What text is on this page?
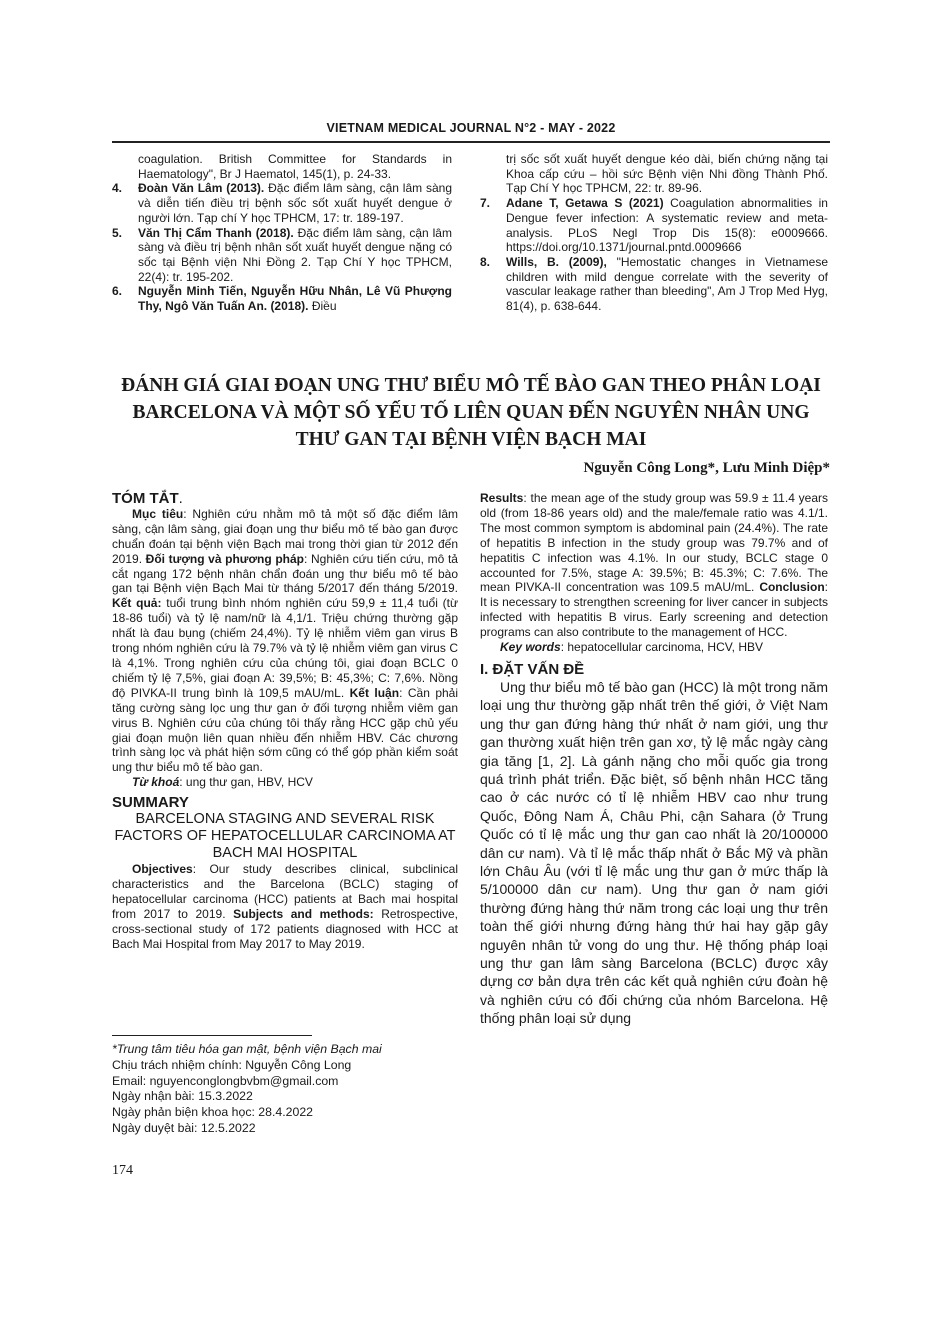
VIETNAM MEDICAL JOURNAL N°2 - MAY - 2022

coagulation. British Committee for Standards in Haematology", Br J Haematol, 145(1), p. 24-33.

4. Đoàn Văn Lâm (2013). Đặc điểm lâm sàng, cận lâm sàng và diễn tiến điều trị bệnh sốc sốt xuất huyết dengue ở người lớn. Tạp chí Y học TPHCM, 17: tr. 189-197.

5. Văn Thị Cẩm Thanh (2018). Đặc điểm lâm sàng, cận lâm sàng và điều trị bệnh nhân sốt xuất huyết dengue nặng có sốc tại Bệnh viện Nhi Đồng 2. Tạp Chí Y học TPHCM, 22(4): tr. 195-202.

6. Nguyễn Minh Tiến, Nguyễn Hữu Nhân, Lê Vũ Phượng Thy, Ngô Văn Tuấn An. (2018). Điều

trị sốc sốt xuất huyết dengue kéo dài, biến chứng nặng tại Khoa cấp cứu – hồi sức Bệnh viện Nhi đồng Thành Phố. Tạp Chí Y học TPHCM, 22: tr. 89-96.

7. Adane T, Getawa S (2021) Coagulation abnormalities in Dengue fever infection: A systematic review and meta-analysis. PLoS Negl Trop Dis 15(8): e0009666. https://doi.org/10.1371/journal.pntd.0009666

8. Wills, B. (2009), "Hemostatic changes in Vietnamese children with mild dengue correlate with the severity of vascular leakage rather than bleeding", Am J Trop Med Hyg, 81(4), p. 638-644.

ĐÁNH GIÁ GIAI ĐOẠN UNG THƯ BIỂU MÔ TẾ BÀO GAN THEO PHÂN LOẠI BARCELONA VÀ MỘT SỐ YẾU TỐ LIÊN QUAN ĐẾN NGUYÊN NHÂN UNG THƯ GAN TẠI BỆNH VIỆN BẠCH MAI
Nguyễn Công Long*, Lưu Minh Diệp*

TÓM TẮT.

Mục tiêu: Nghiên cứu nhằm mô tả một số đặc điểm lâm sàng, cận lâm sàng, giai đoạn ung thư biểu mô tế bào gan được chuẩn đoán tại bệnh viện Bạch mai trong thời gian từ 2012 đến 2019. Đối tượng và phương pháp: Nghiên cứu tiến cứu, mô tả cắt ngang 172 bệnh nhân chẩn đoán ung thư biểu mô tế bào gan tại Bệnh viện Bạch Mai từ tháng 5/2017 đến tháng 5/2019. Kết quả: tuổi trung bình nhóm nghiên cứu 59,9 ± 11,4 tuổi (từ 18-86 tuổi) và tỷ lệ nam/nữ là 4,1/1. Triệu chứng thường gặp nhất là đau bụng (chiếm 24,4%). Tỷ lệ nhiễm viêm gan virus B trong nhóm nghiên cứu là 79.7% và tỷ lệ nhiễm viêm gan virus C là 4,1%. Trong nghiên cứu của chúng tôi, giai đoạn BCLC 0 chiếm tỷ lệ 7,5%, giai đoạn A: 39,5%; B: 45,3%; C: 7,6%. Nồng độ PIVKA-II trung bình là 109,5 mAU/mL. Kết luận: Cần phải tăng cường sàng lọc ung thư gan ở đối tượng nhiễm viêm gan virus B. Nghiên cứu của chúng tôi thấy rằng HCC gặp chủ yếu giai đoạn muộn liên quan nhiều đến nhiễm HBV. Các chương trình sàng lọc và phát hiện sớm cũng có thể góp phần kiểm soát ung thư biểu mô tế bào gan.

Từ khoá: ung thư gan, HBV, HCV

SUMMARY

BARCELONA STAGING AND SEVERAL RISK FACTORS OF HEPATOCELLULAR CARCINOMA AT BACH MAI HOSPITAL

Objectives: Our study describes clinical, subclinical characteristics and the Barcelona (BCLC) staging of hepatocellular carcinoma (HCC) patients at Bach mai hospital from 2017 to 2019. Subjects and methods: Retrospective, cross-sectional study of 172 patients diagnosed with HCC at Bach Mai Hospital from May 2017 to May 2019.

*Trung tâm tiêu hóa gan mật, bệnh viện Bạch mai

Chịu trách nhiệm chính: Nguyễn Công Long

Email: nguyenconglongbvbm@gmail.com

Ngày nhận bài: 15.3.2022

Ngày phản biện khoa học: 28.4.2022

Ngày duyệt bài: 12.5.2022

Results: the mean age of the study group was 59.9 ± 11.4 years old (from 18-86 years old) and the male/female ratio was 4.1/1. The most common symptom is abdominal pain (24.4%). The rate of hepatitis B infection in the study group was 79.7% and of hepatitis C infection was 4.1%. In our study, BCLC stage 0 accounted for 7.5%, stage A: 39.5%; B: 45.3%; C: 7.6%. The mean PIVKA-II concentration was 109.5 mAU/mL. Conclusion: It is necessary to strengthen screening for liver cancer in subjects infected with hepatitis B virus. Early screening and detection programs can also contribute to the management of HCC.

Key words: hepatocellular carcinoma, HCV, HBV

I. ĐẶT VẤN ĐỀ

Ung thư biểu mô tế bào gan (HCC) là một trong năm loại ung thư thường gặp nhất trên thế giới, ở Việt Nam ung thư gan đứng hàng thứ nhất ở nam giới, ung thư gan thường xuất hiện trên gan xơ, tỷ lệ mắc ngày càng gia tăng [1, 2]. Là gánh nặng cho mỗi quốc gia trong quá trình phát triển. Đặc biệt, số bệnh nhân HCC tăng cao ở các nước có tỉ lệ nhiễm HBV cao như trung Quốc, Đông Nam Á, Châu Phi, cận Sahara (ở Trung Quốc có tỉ lệ mắc ung thư gan cao nhất là 20/100000 dân cư nam). Và tỉ lệ mắc thấp nhất ở Bắc Mỹ và phần lớn Châu Âu (với tỉ lệ mắc ung thư gan ở mức thấp là 5/100000 dân cư nam). Ung thư gan ở nam giới thường đứng hàng thứ năm trong các loại ung thư trên toàn thế giới nhưng đứng hàng thứ hai hay gặp gây nguyên nhân tử vong do ung thư. Hệ thống pháp loại ung thư gan lâm sàng Barcelona (BCLC) được xây dựng cơ bản dựa trên các kết quả nghiên cứu đoàn hệ và nghiên cứu có đối chứng của nhóm Barcelona. Hệ thống phân loại sử dụng

174
